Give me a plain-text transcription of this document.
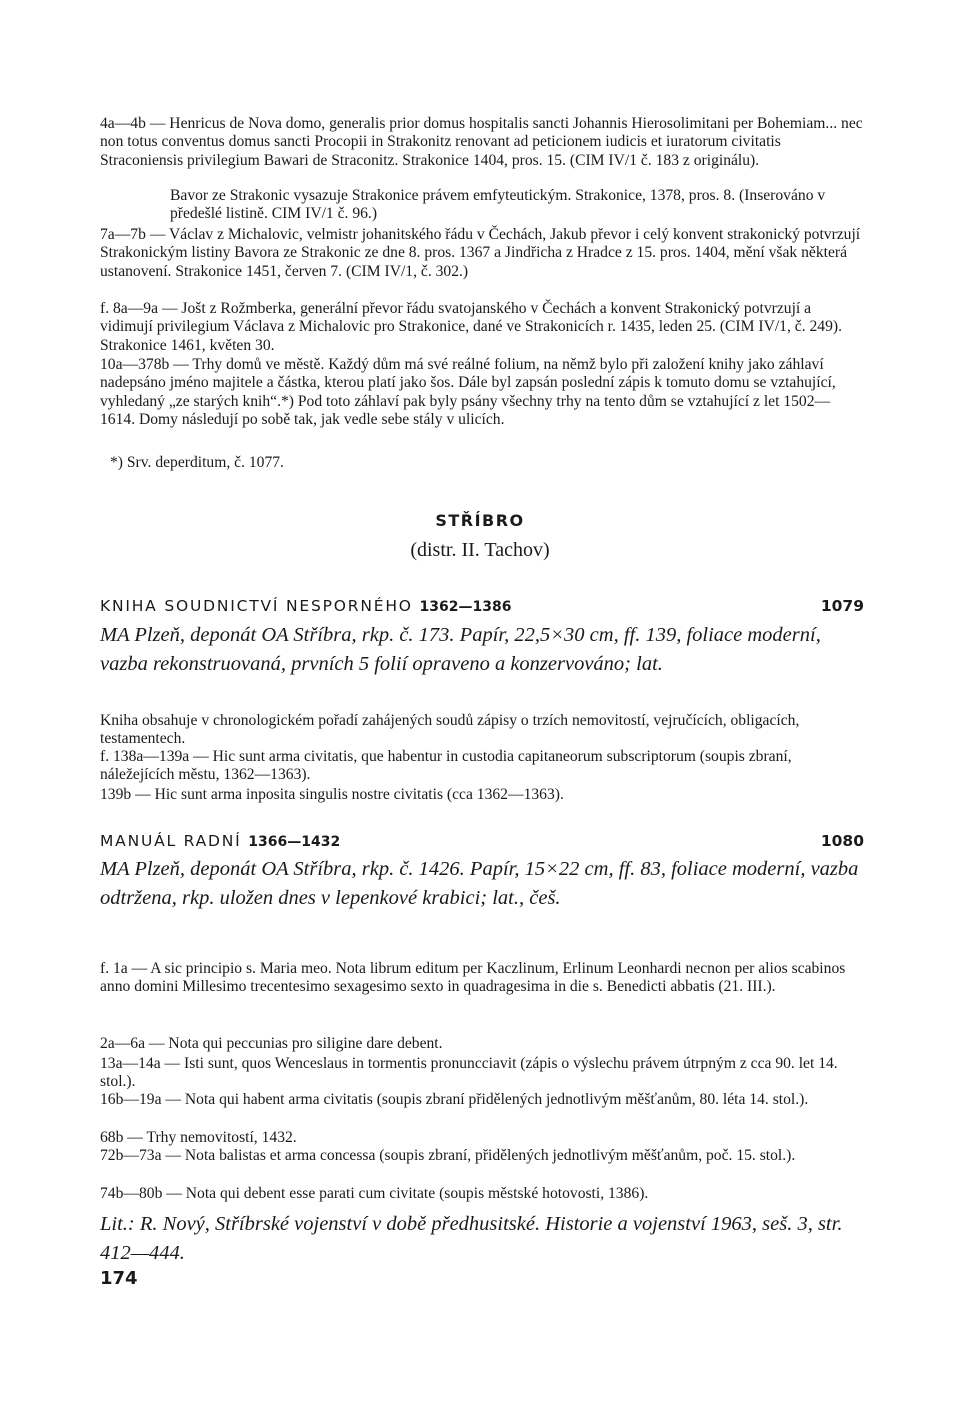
4a—4b — Henricus de Nova domo, generalis prior domus hospitalis sancti Johannis Hierosolimitani per Bohemiam... nec non totus conventus domus sancti Procopii in Strakonitz renovant ad peticionem iudicis et iuratorum civitatis Straconiensis privilegium Bawari de Straconitz. Strakonice 1404, pros. 15. (CIM IV/1 č. 183 z originálu).
Bavor ze Strakonic vysazuje Strakonice právem emfyteutickým. Strakonice, 1378, pros. 8. (Inserováno v předešlé listině. CIM IV/1 č. 96.)
7a—7b — Václav z Michalovic, velmistr johanitského řádu v Čechách, Jakub převor i celý konvent strakonický potvrzují Strakonickým listiny Bavora ze Strakonic ze dne 8. pros. 1367 a Jindřicha z Hradce z 15. pros. 1404, mění však některá ustanovení. Strakonice 1451, červen 7. (CIM IV/1, č. 302.)
f. 8a—9a — Jošt z Rožmberka, generální převor řádu svatojanského v Čechách a konvent Strakonický potvrzují a vidimují privilegium Václava z Michalovic pro Strakonice, dané ve Strakonicích r. 1435, leden 25. (CIM IV/1, č. 249). Strakonice 1461, květen 30.
10a—378b — Trhy domů ve městě. Každý dům má své reálné folium, na němž bylo při založení knihy jako záhlaví nadepsáno jméno majitele a částka, kterou platí jako šos. Dále byl zapsán poslední zápis k tomuto domu se vztahující, vyhledaný „ze starých knih“.*) Pod toto záhlaví pak byly psány všechny trhy na tento dům se vztahující z let 1502—1614. Domy následují po sobě tak, jak vedle sebe stály v ulicích.
*) Srv. deperditum, č. 1077.
STŘÍBRO
(distr. II. Tachov)
KNIHA SOUDNICTVÍ NESPORNÉHO 1362—1386	1079
MA Plzeň, deponát OA Stříbra, rkp. č. 173. Papír, 22,5×30 cm, ff. 139, foliace moderní, vazba rekonstruovaná, prvních 5 folií opraveno a konzervováno; lat.
Kniha obsahuje v chronologickém pořadí zahájených soudů zápisy o trzích nemovitostí, vejručících, obligacích, testamentech.
f. 138a—139a — Hic sunt arma civitatis, que habentur in custodia capitaneorum subscriptorum (soupis zbraní, náležejících městu, 1362—1363).
139b — Hic sunt arma inposita singulis nostre civitatis (cca 1362—1363).
MANUÁL RADNÍ 1366—1432	1080
MA Plzeň, deponát OA Stříbra, rkp. č. 1426. Papír, 15×22 cm, ff. 83, foliace moderní, vazba odtržena, rkp. uložen dnes v lepenkové krabici; lat., češ.
f. 1a — A sic principio s. Maria meo. Nota librum editum per Kaczlinum, Erlinum Leonhardi necnon per alios scabinos anno domini Millesimo trecentesimo sexagesimo sexto in quadragesima in die s. Benedicti abbatis (21. III.).
2a—6a — Nota qui peccunias pro siligine dare debent.
13a—14a — Isti sunt, quos Wenceslaus in tormentis pronuncciavit (zápis o výslechu právem útrpným z cca 90. let 14. stol.).
16b—19a — Nota qui habent arma civitatis (soupis zbraní přidělených jednotlivým měšťanům, 80. léta 14. stol.).
68b — Trhy nemovitostí, 1432.
72b—73a — Nota balistas et arma concessa (soupis zbraní, přidělených jednotlivým měšťanům, poč. 15. stol.).
74b—80b — Nota qui debent esse parati cum civitate (soupis městské hotovosti, 1386).
Lit.: R. Nový, Stříbrské vojenství v době předhusitské. Historie a vojenství 1963, seš. 3, str. 412—444.
174
